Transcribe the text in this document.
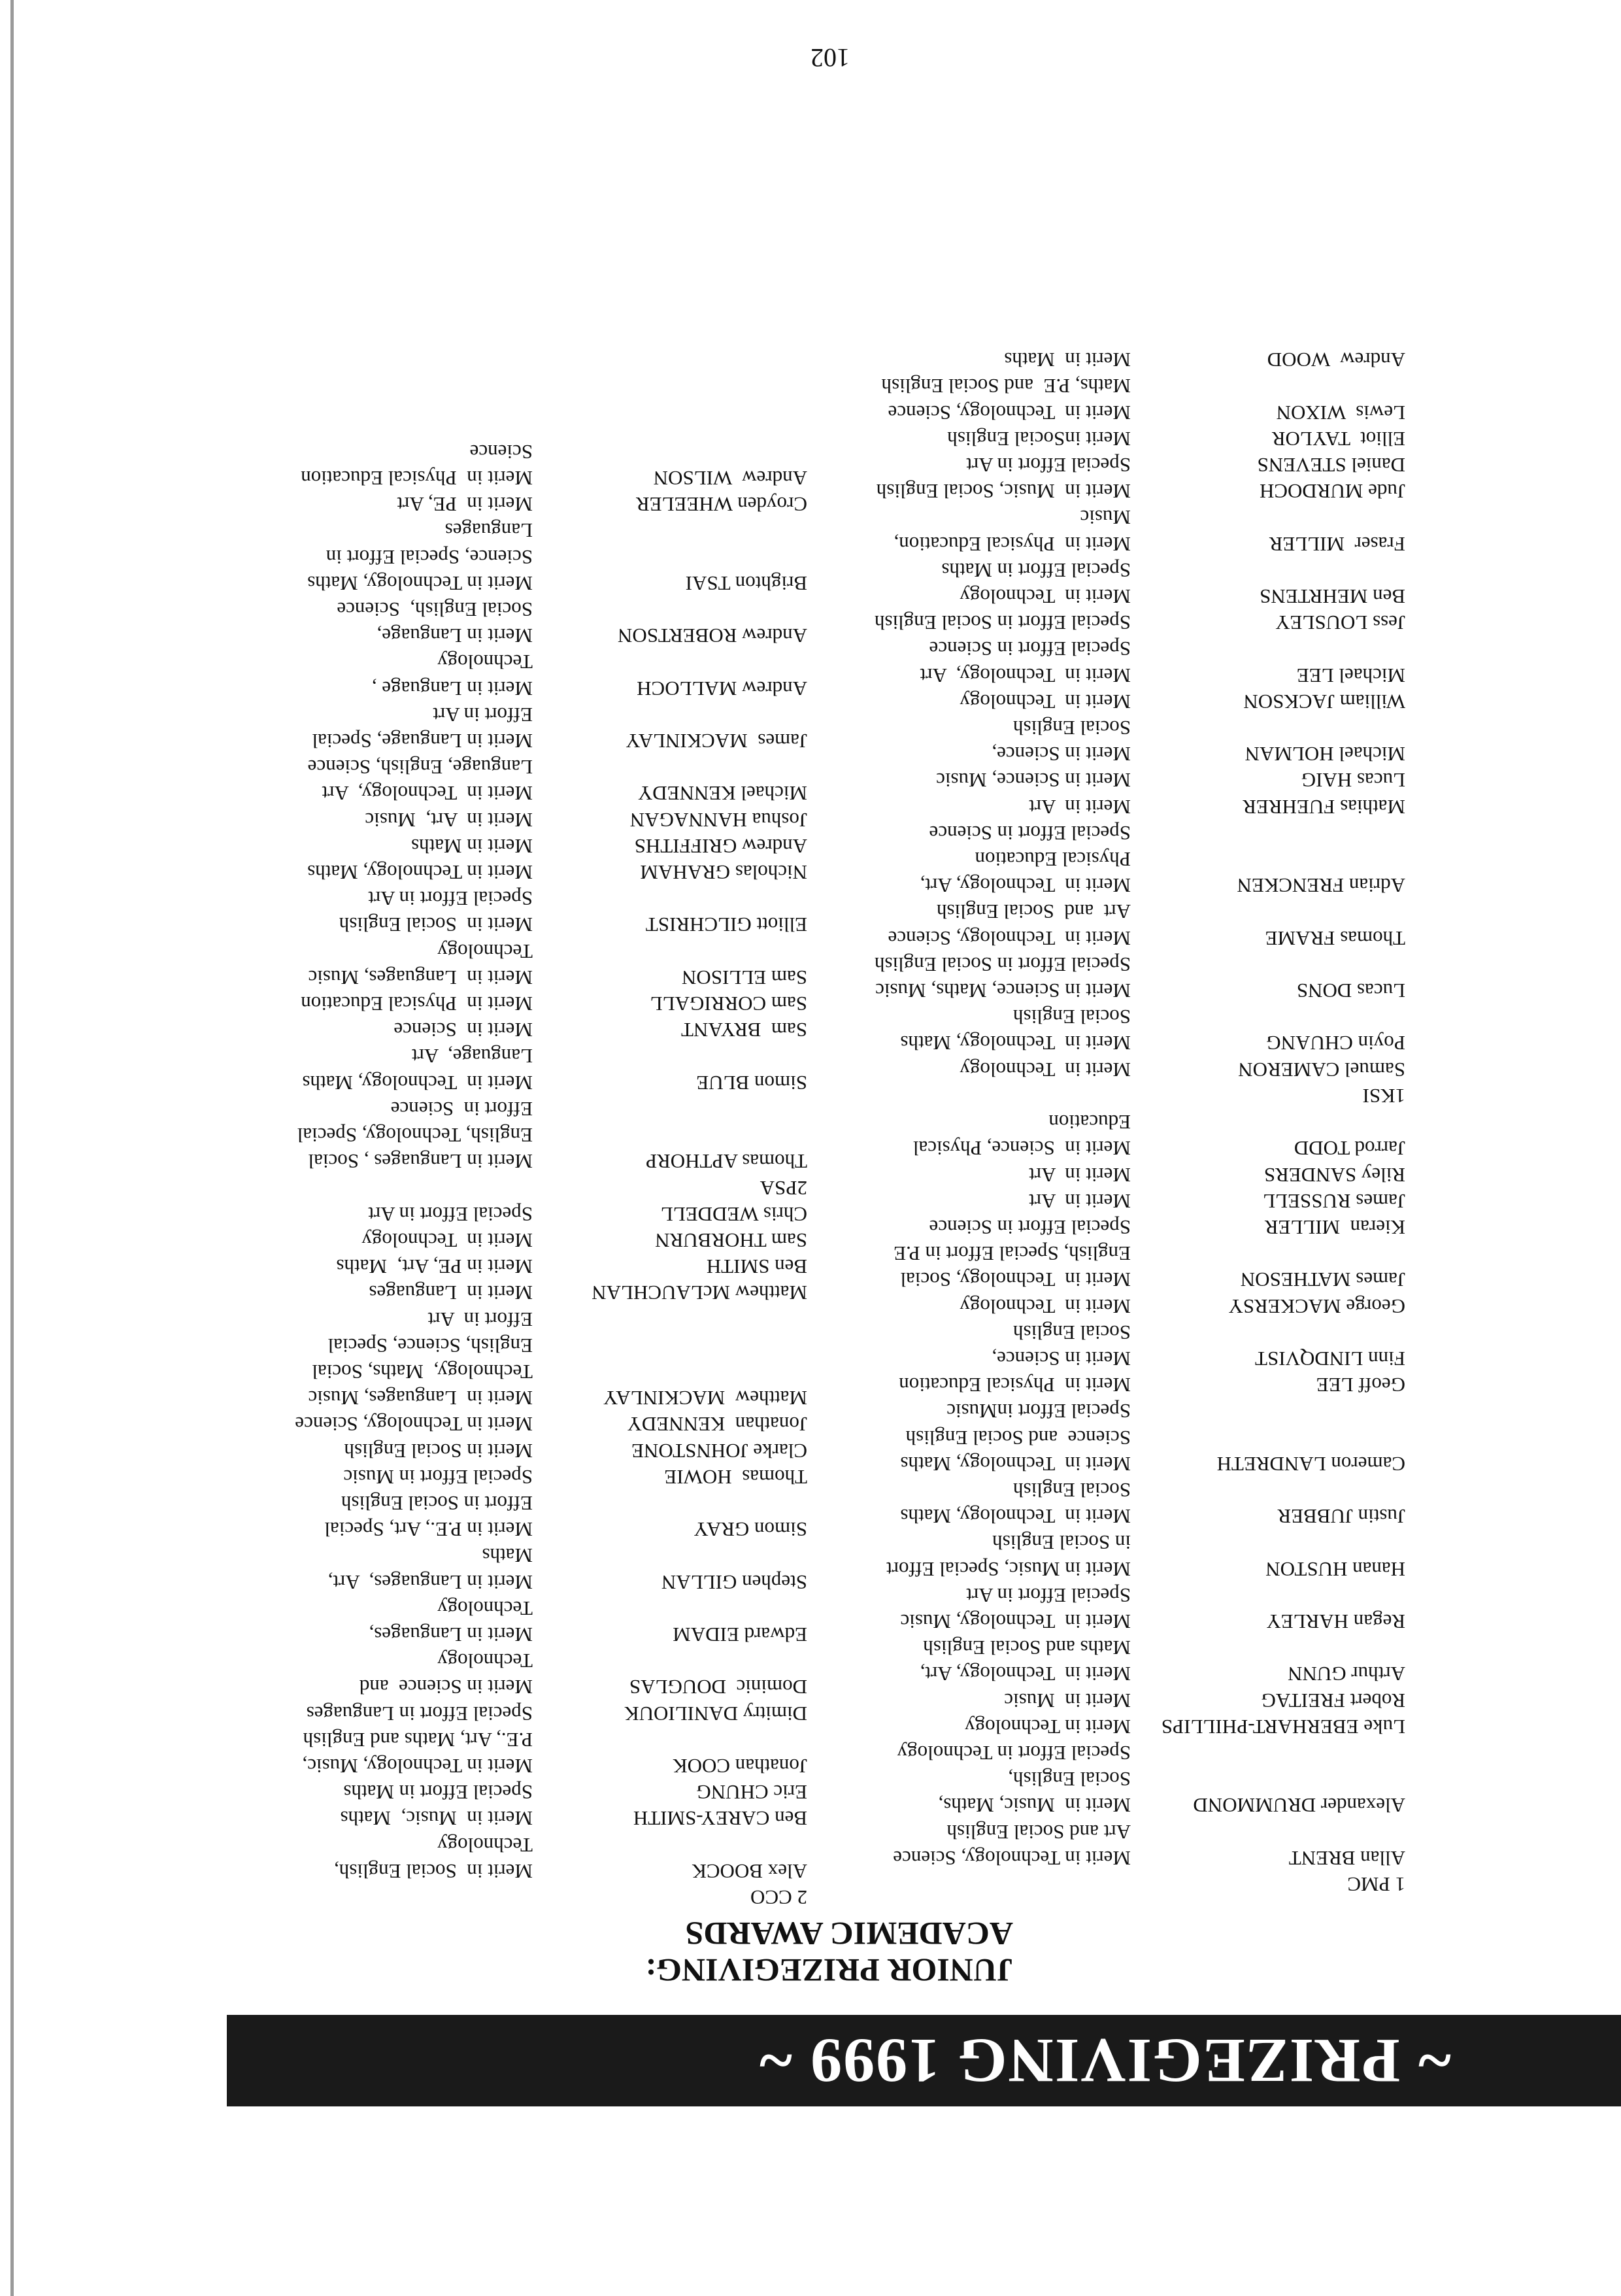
~ PRIZEGIVING 1999 ~
JUNIOR PRIZEGIVING:
ACADEMIC AWARDS
1 PMC
Allan BRENT
Merit in Technology, Science
Art and Social English
Alexander DRUMMOND
Merit in  Music, Maths,
Social English,
Special Effort in Technology
Luke EBERHART-PHILLIPS
Merit in Technology
Robert FREITAG
Merit in  Music
Arthur GUNN
Merit in  Technology, Art,
Maths and Social English
Regan HARLEY
Merit in  Technology, Music
Special Effort in Art
Hanan HUSTON
Merit in Music, Special Effort
in Social English
Justin JUBBER
Merit in  Technology, Maths
Social English
Cameron LANDRETH
Merit in  Technology, Maths
Science  and Social English
Special Effort inMusic
Geoff LEE
Merit in  Physical Education
Finn LINDQVIST
Merit in Science,
Social English
George MACKERSY
Merit in  Technology
James MATHESON
Merit in  Technology, Social
English, Special Effort in P.E
Kieran  MILLER
Special Effort in Science
James RUSSELL
Merit in  Art
Riley SANDERS
Merit in  Art
Jarrod TODD
Merit in  Science, Physical
Education
1KSI
Samuel CAMERON
Merit in  Technology
Poyin CHUANG
Merit in  Technology, Maths
Social English
Lucas DONS
Merit in Science, Maths, Music
Special Effort in Social English
Thomas FRAME
Merit in  Technology, Science
Art  and  Social English
Adrian FRENCKEN
Merit in  Technology, Art,
Physical Education
Special Effort in Science
Mathias FUEHRER
Merit in  Art
Lucas HAIG
Merit in Science, Music
Michael HOLMAN
Merit in Science,
Social English
William JACKSON
Merit in  Technology
Michael LEE
Merit in  Technology,  Art
Special Effort in Science
Jess LOUSLEY
Special Effort in Social English
Ben MEHRTENS
Merit in  Technology
Special Effort in Maths
Fraser  MILLER
Merit in  Physical Education,
Music
Jude MURDOCH
Merit in  Music, Social English
Daniel STEVENS
Special Effort in Art
Elliot  TAYLOR
Merit inSocial English
Lewis  WIXON
Merit in  Technology, Science
Maths, P.E  and Social English
Andrew  WOOD
Merit in  Maths
2 CCO
Alex BOOCK
Merit in  Social English,
Technology
Ben CAREY-SMITH
Merit in  Music,  Maths
Eric CHUNG
Special Effort in Maths
Jonathan COOK
Merit in Technology, Music,
P.E., Art, Maths and English
Dimitry DANILIOUK
Special Effort in Languages
Dominic  DOUGLAS
Merit in Science  and
Technology
Edward EIDAM
Merit in Languages,
Technology
Stephen GILLAN
Merit in Languages,  Art,
Maths
Simon GRAY
Merit in P.E., Art, Special
Effort in Social English
Thomas  HOWIE
Special Effort in Music
Clarke JOHNSTONE
Merit in Social English
Jonathan  KENNEDY
Merit in Technology, Science
Matthew  MACKINLAY
Merit in  Languages, Music
Technology,  Maths, Social
English, Science, Special
Effort in  Art
Matthew McLAUCHLAN
Merit in  Languages
Ben SMITH
Merit in PE, Art,  Maths
Sam THORBURN
Merit in  Technology
Chris WEDDELL
Special Effort in Art
2PSA
Thomas APTHORP
Merit in Languages , Social
English, Technology, Special
Effort in  Science
Simon BLUE
Merit in  Technology, Maths
Language,  Art
Sam  BRYANT
Merit in  Science
Sam CORRIGALL
Merit in  Physical Education
Sam ELLISON
Merit in  Languages, Music
Technology
Elliott GILCHRIST
Merit in  Social English
Special Effort in Art
Nicholas GRAHAM
Merit in Technology, Maths
Andrew GRIFFITHS
Merit in Maths
Joshua HANNAGAN
Merit in  Art,  Music
Michael KENNEDY
Merit in  Technology,  Art
Language, English, Science
James  MACKINLAY
Merit in Language, Special
Effort in Art
Andrew MALLOCH
Merit in Language ,
Technology
Andrew ROBERTSON
Merit in Language,
Social English,  Science
Brighton TSAI
Merit in Technology, Maths
Science, Special Effort in
Languages
Croyden WHEELER
Merit in  PE, Art
Andrew  WILSON
Merit in  Physical Education
Science
102
